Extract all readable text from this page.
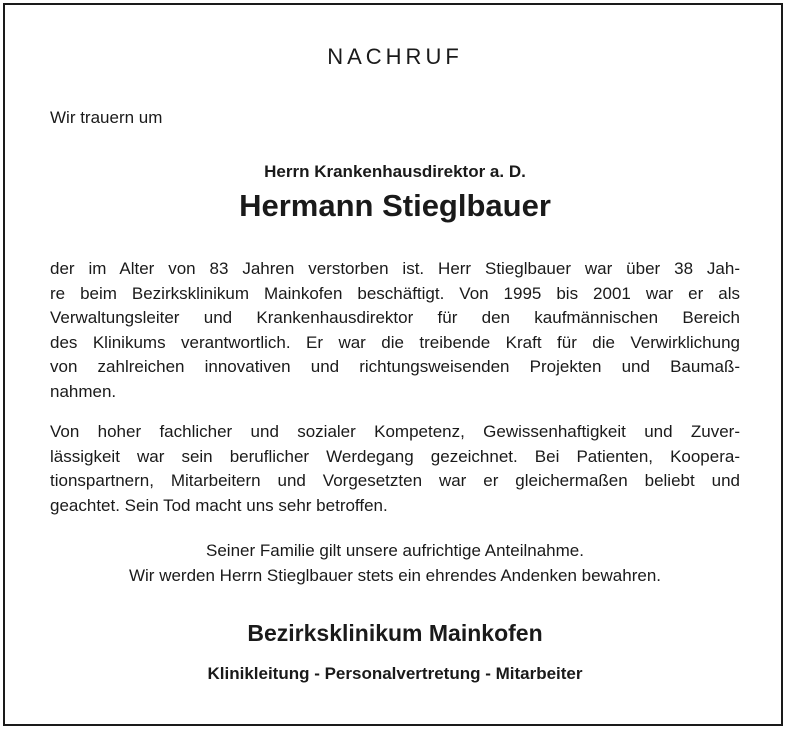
NACHRUF
Wir trauern um
Herrn Krankenhausdirektor a. D.
Hermann Stieglbauer
der im Alter von 83 Jahren verstorben ist. Herr Stieglbauer war über 38 Jah-
re beim Bezirksklinikum Mainkofen beschäftigt. Von 1995 bis 2001 war er als
Verwaltungsleiter und Krankenhausdirektor für den kaufmännischen Bereich
des Klinikums verantwortlich. Er war die treibende Kraft für die Verwirklichung
von zahlreichen innovativen und richtungsweisenden Projekten und Baumaß-
nahmen.
Von hoher fachlicher und sozialer Kompetenz, Gewissenhaftigkeit und Zuver-
lässigkeit war sein beruflicher Werdegang gezeichnet. Bei Patienten, Koopera-
tionspartnern, Mitarbeitern und Vorgesetzten war er gleichermaßen beliebt und
geachtet. Sein Tod macht uns sehr betroffen.
Seiner Familie gilt unsere aufrichtige Anteilnahme.
Wir werden Herrn Stieglbauer stets ein ehrendes Andenken bewahren.
Bezirksklinikum Mainkofen
Klinikleitung - Personalvertretung - Mitarbeiter
